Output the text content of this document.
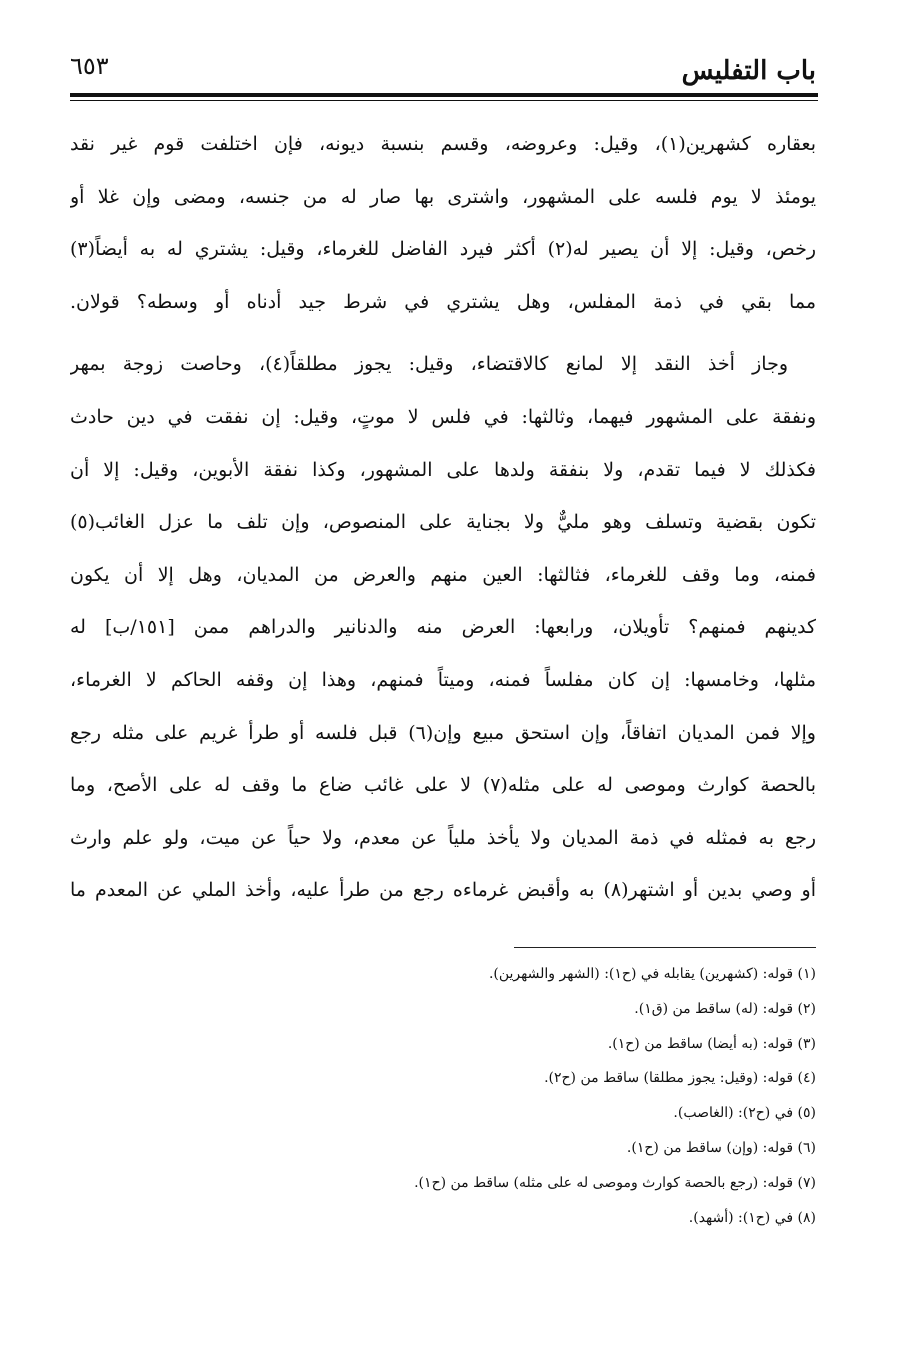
باب التفليس
٦٥٣
بعقاره كشهرين(١)، وقيل: وعروضه، وقسم بنسبة ديونه، فإن اختلفت قوم غير نقد
يومئذ لا يوم فلسه على المشهور، واشترى بها صار له من جنسه، ومضى وإن غلا أو
رخص، وقيل: إلا أن يصير له(٢) أكثر فيرد الفاضل للغرماء، وقيل: يشتري له به أيضاً(٣)
مما بقي في ذمة المفلس، وهل يشتري في شرط جيد أدناه أو وسطه؟ قولان.
وجاز أخذ النقد إلا لمانع كالاقتضاء، وقيل: يجوز مطلقاً(٤)، وحاصت زوجة بمهر
ونفقة على المشهور فيهما، وثالثها: في فلس لا موتٍ، وقيل: إن نفقت في دين حادث
فكذلك لا فيما تقدم، ولا بنفقة ولدها على المشهور، وكذا نفقة الأبوين، وقيل: إلا أن
تكون بقضية وتسلف وهو مليٌّ ولا بجناية على المنصوص، وإن تلف ما عزل الغائب(٥)
فمنه، وما وقف للغرماء، فثالثها: العين منهم والعرض من المديان، وهل إلا أن يكون
كدينهم فمنهم؟ تأويلان، ورابعها: العرض منه والدنانير والدراهم ممن [١٥١/ب] له
مثلها، وخامسها: إن كان مفلساً فمنه، وميتاً فمنهم، وهذا إن وقفه الحاكم لا الغرماء،
وإلا فمن المديان اتفاقاً، وإن استحق مبيع وإن(٦) قبل فلسه أو طرأ غريم على مثله رجع
بالحصة كوارث وموصى له على مثله(٧) لا على غائب ضاع ما وقف له على الأصح، وما
رجع به فمثله في ذمة المديان ولا يأخذ ملياً عن معدم، ولا حياً عن ميت، ولو علم وارث
أو وصي بدين أو اشتهر(٨) به وأقبض غرماءه رجع من طرأ عليه، وأخذ الملي عن المعدم ما
(١) قوله: (كشهرين) يقابله في (ح١): (الشهر والشهرين).
(٢) قوله: (له) ساقط من (ق١).
(٣) قوله: (به أيضا) ساقط من (ح١).
(٤) قوله: (وقيل: يجوز مطلقا) ساقط من (ح٢).
(٥) في (ح٢): (الغاصب).
(٦) قوله: (وإن) ساقط من (ح١).
(٧) قوله: (رجع بالحصة كوارث وموصى له على مثله) ساقط من (ح١).
(٨) في (ح١): (أشهد).
